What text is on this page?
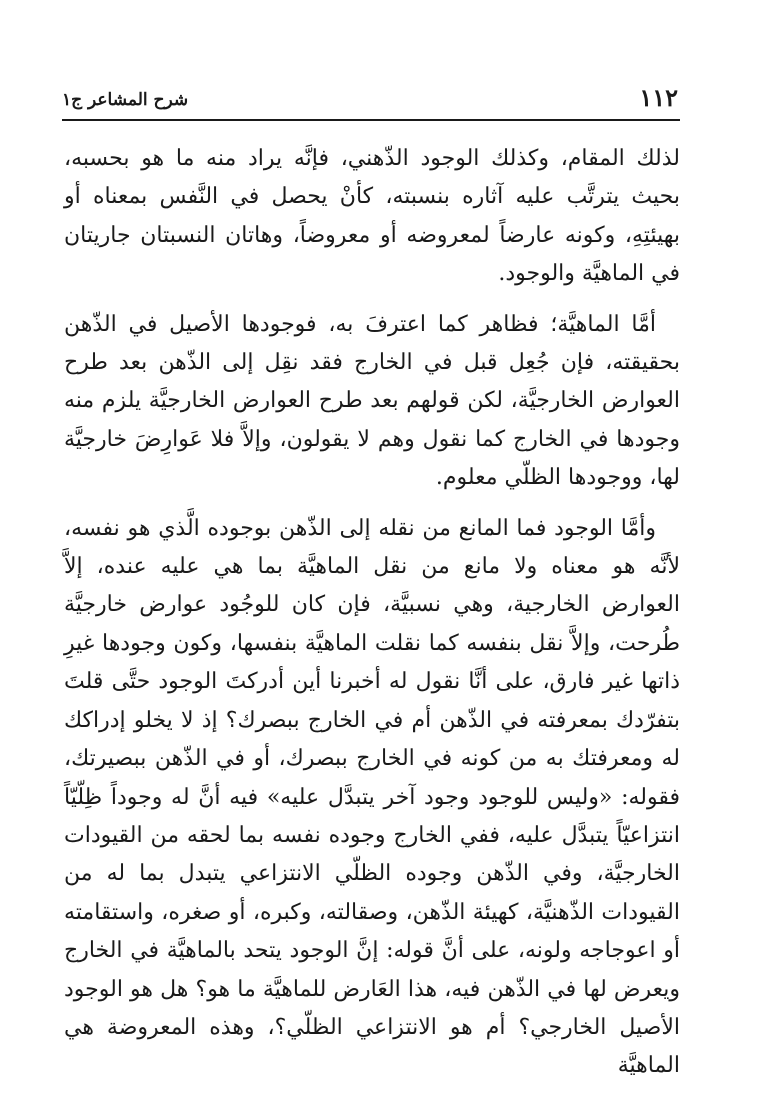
١١٢
شرح المشاعر ج١

لذلك المقام، وكذلك الوجود الذّهني، فإنَّه يراد منه ما هو بحسبه، بحيث يترتَّب عليه آثاره بنسبته، كأنْ يحصل في النَّفس بمعناه أو بهيئتِهِ، وكونه عارضاً لمعروضه أو معروضاً، وهاتان النسبتان جاريتان في الماهيَّة والوجود.

أمَّا الماهيَّة؛ فظاهر كما اعترفَ به، فوجودها الأصيل في الذّهن بحقيقته، فإن جُعِل قبل في الخارج فقد نقِل إلى الذّهن بعد طرح العوارض الخارجيَّة، لكن قولهم بعد طرح العوارض الخارجيَّة يلزم منه وجودها في الخارج كما نقول وهم لا يقولون، وإلاَّ فلا عَوارِضَ خارجيَّة لها، ووجودها الظلّي معلوم.

وأمَّا الوجود فما المانع من نقله إلى الذّهن بوجوده الَّذي هو نفسه، لأنَّه هو معناه ولا مانع من نقل الماهيَّة بما هي عليه عنده، إلاَّ العوارض الخارجية، وهي نسبيَّة، فإن كان للوجُود عوارض خارجيَّة طُرحت، وإلاَّ نقل بنفسه كما نقلت الماهيَّة بنفسها، وكون وجودها غيرِ ذاتها غير فارق، على أنَّا نقول له أخبرنا أين أدركتَ الوجود حتَّى قلتَ بتفرّدك بمعرفته في الذّهن أم في الخارج ببصرك؟ إذ لا يخلو إدراكك له ومعرفتك به من كونه في الخارج ببصرك، أو في الذّهن ببصيرتك، فقوله: «وليس للوجود وجود آخر يتبدَّل عليه» فيه أنَّ له وجوداً ظِلّيّاً انتزاعيّاً يتبدَّل عليه، ففي الخارج وجوده نفسه بما لحقه من القيودات الخارجيَّة، وفي الذّهن وجوده الظلّي الانتزاعي يتبدل بما له من القيودات الذّهنيَّة، كهيئة الذّهن، وصقالته، وكبره، أو صغره، واستقامته أو اعوجاجه ولونه، على أنَّ قوله: إنَّ الوجود يتحد بالماهيَّة في الخارج ويعرض لها في الذّهن فيه، هذا العَارض للماهيَّة ما هو؟ هل هو الوجود الأصيل الخارجي؟ أم هو الانتزاعي الظلّي؟، وهذه المعروضة هي الماهيَّة
